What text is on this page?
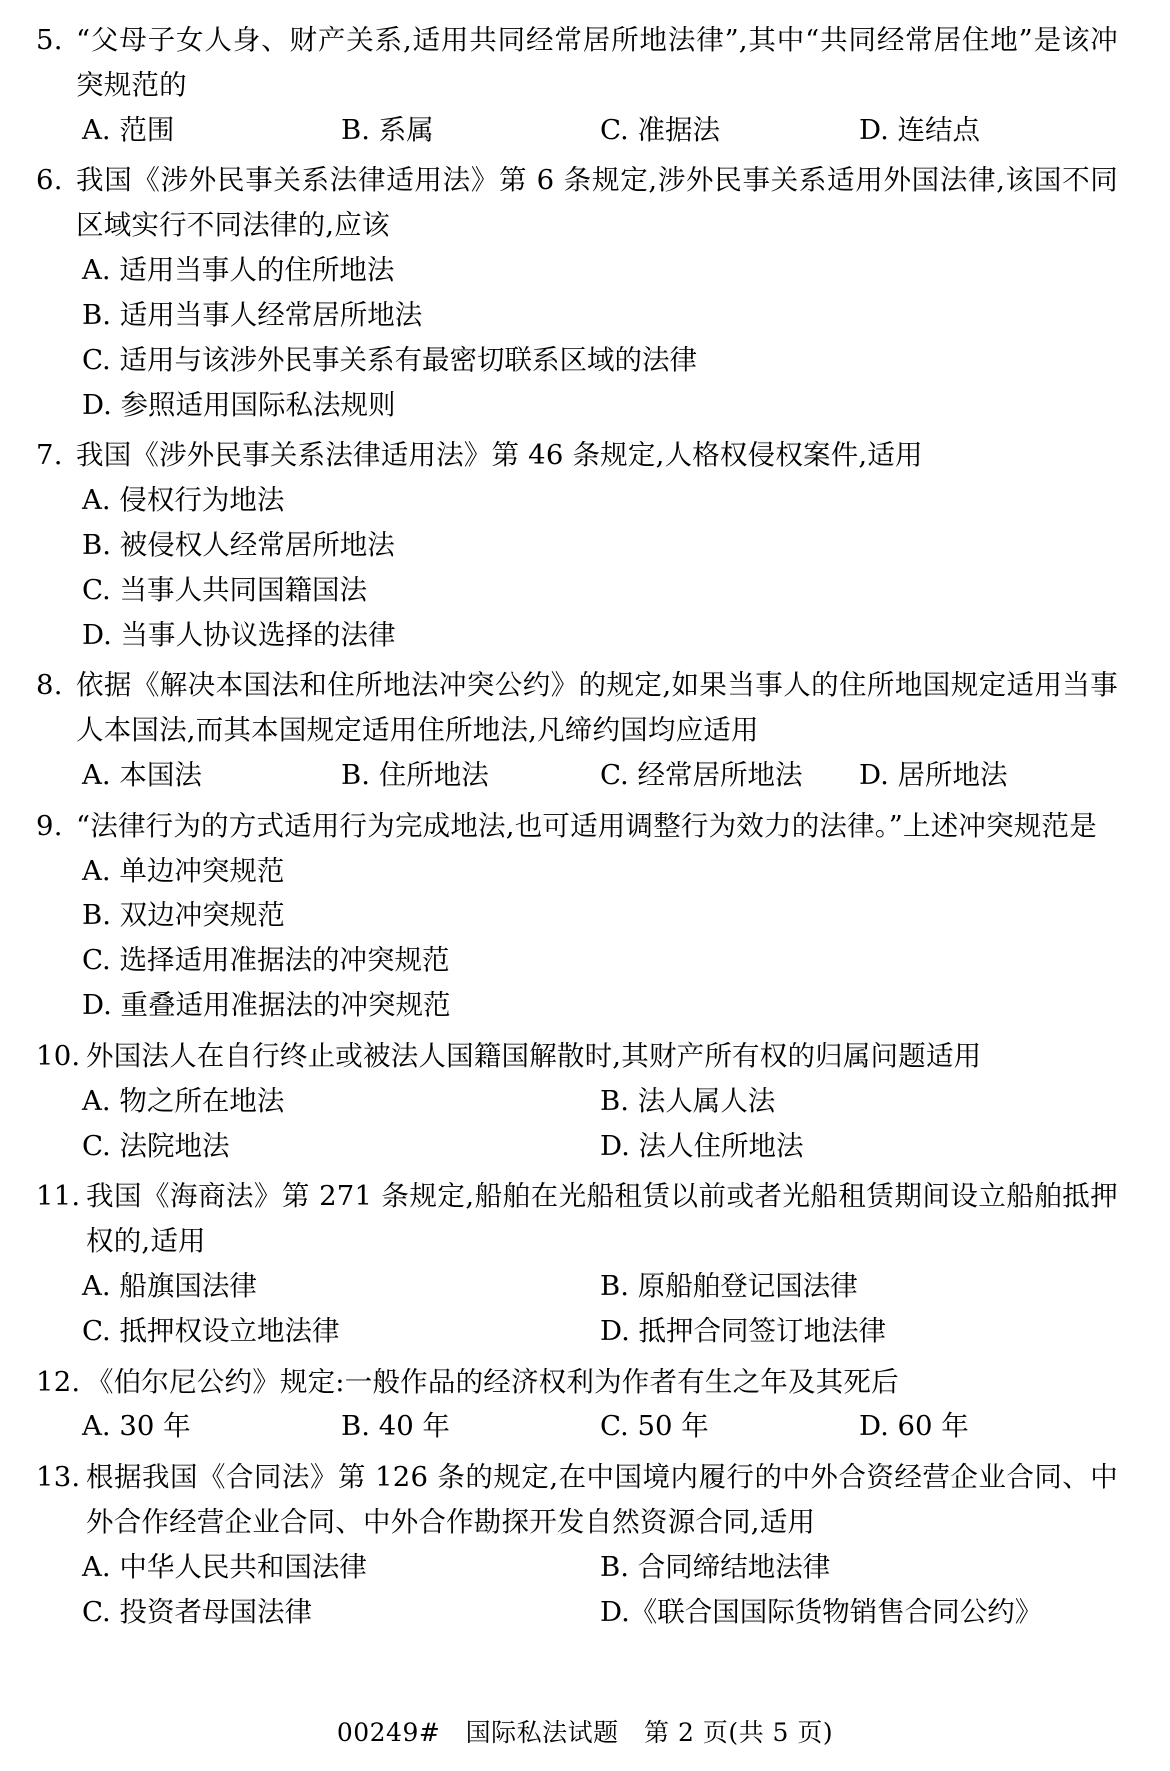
5. “父母子女人身、财产关系,适用共同经常居所地法律”,其中“共同经常居住地”是该冲突规范的
A. 范围	B. 系属	C. 准据法	D. 连结点
6. 我国《涉外民事关系法律适用法》第 6 条规定,涉外民事关系适用外国法律,该国不同区域实行不同法律的,应该
A. 适用当事人的住所地法
B. 适用当事人经常居所地法
C. 适用与该涉外民事关系有最密切联系区域的法律
D. 参照适用国际私法规则
7. 我国《涉外民事关系法律适用法》第 46 条规定,人格权侵权案件,适用
A. 侵权行为地法
B. 被侵权人经常居所地法
C. 当事人共同国籍国法
D. 当事人协议选择的法律
8. 依据《解决本国法和住所地法冲突公约》的规定,如果当事人的住所地国规定适用当事人本国法,而其本国规定适用住所地法,凡缔约国均应适用
A. 本国法	B. 住所地法	C. 经常居所地法	D. 居所地法
9. “法律行为的方式适用行为完成地法,也可适用调整行为效力的法律。”上述冲突规范是
A. 单边冲突规范
B. 双边冲突规范
C. 选择适用准据法的冲突规范
D. 重叠适用准据法的冲突规范
10. 外国法人在自行终止或被法人国籍国解散时,其财产所有权的归属问题适用
A. 物之所在地法	B. 法人属人法
C. 法院地法	D. 法人住所地法
11. 我国《海商法》第 271 条规定,船舶在光船租赁以前或者光船租赁期间设立船舶抵押权的,适用
A. 船旗国法律	B. 原船舶登记国法律
C. 抵押权设立地法律	D. 抵押合同签订地法律
12. 《伯尔尼公约》规定:一般作品的经济权利为作者有生之年及其死后
A. 30 年	B. 40 年	C. 50 年	D. 60 年
13. 根据我国《合同法》第 126 条的规定,在中国境内履行的中外合资经营企业合同、中外合作经营企业合同、中外合作勘探开发自然资源合同,适用
A. 中华人民共和国法律	B. 合同缔结地法律
C. 投资者母国法律	D.《联合国国际货物销售合同公约》
00249# 国际私法试题 第 2 页(共 5 页)
